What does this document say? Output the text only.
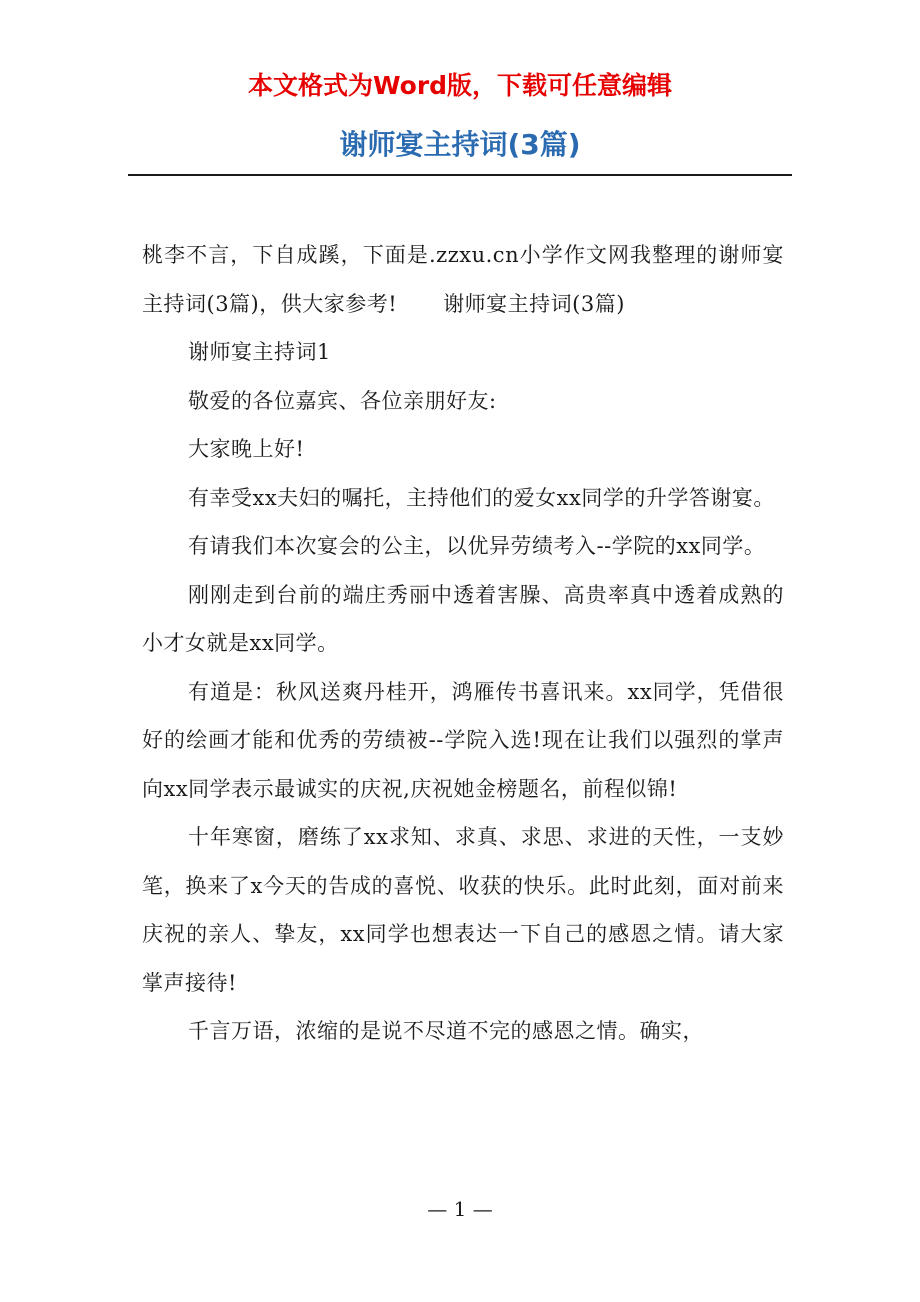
本文格式为Word版，下载可任意编辑
谢师宴主持词(3篇)

桃李不言，下自成蹊，下面是.zzxu.cn小学作文网我整理的谢师宴主持词(3篇)，供大家参考! 谢师宴主持词(3篇)

谢师宴主持词1

敬爱的各位嘉宾、各位亲朋好友:

大家晚上好!

有幸受xx夫妇的嘱托，主持他们的爱女xx同学的升学答谢宴。

有请我们本次宴会的公主，以优异劳绩考入--学院的xx同学。

刚刚走到台前的端庄秀丽中透着害臊、高贵率真中透着成熟的小才女就是xx同学。

有道是：秋风送爽丹桂开，鸿雁传书喜讯来。xx同学，凭借很好的绘画才能和优秀的劳绩被--学院入选!现在让我们以强烈的掌声向xx同学表示最诚实的庆祝,庆祝她金榜题名，前程似锦!

十年寒窗，磨练了xx求知、求真、求思、求进的天性，一支妙笔，换来了x今天的告成的喜悦、收获的快乐。此时此刻，面对前来庆祝的亲人、挚友，xx同学也想表达一下自己的感恩之情。请大家掌声接待!

千言万语，浓缩的是说不尽道不完的感恩之情。确实，

— 1 —
